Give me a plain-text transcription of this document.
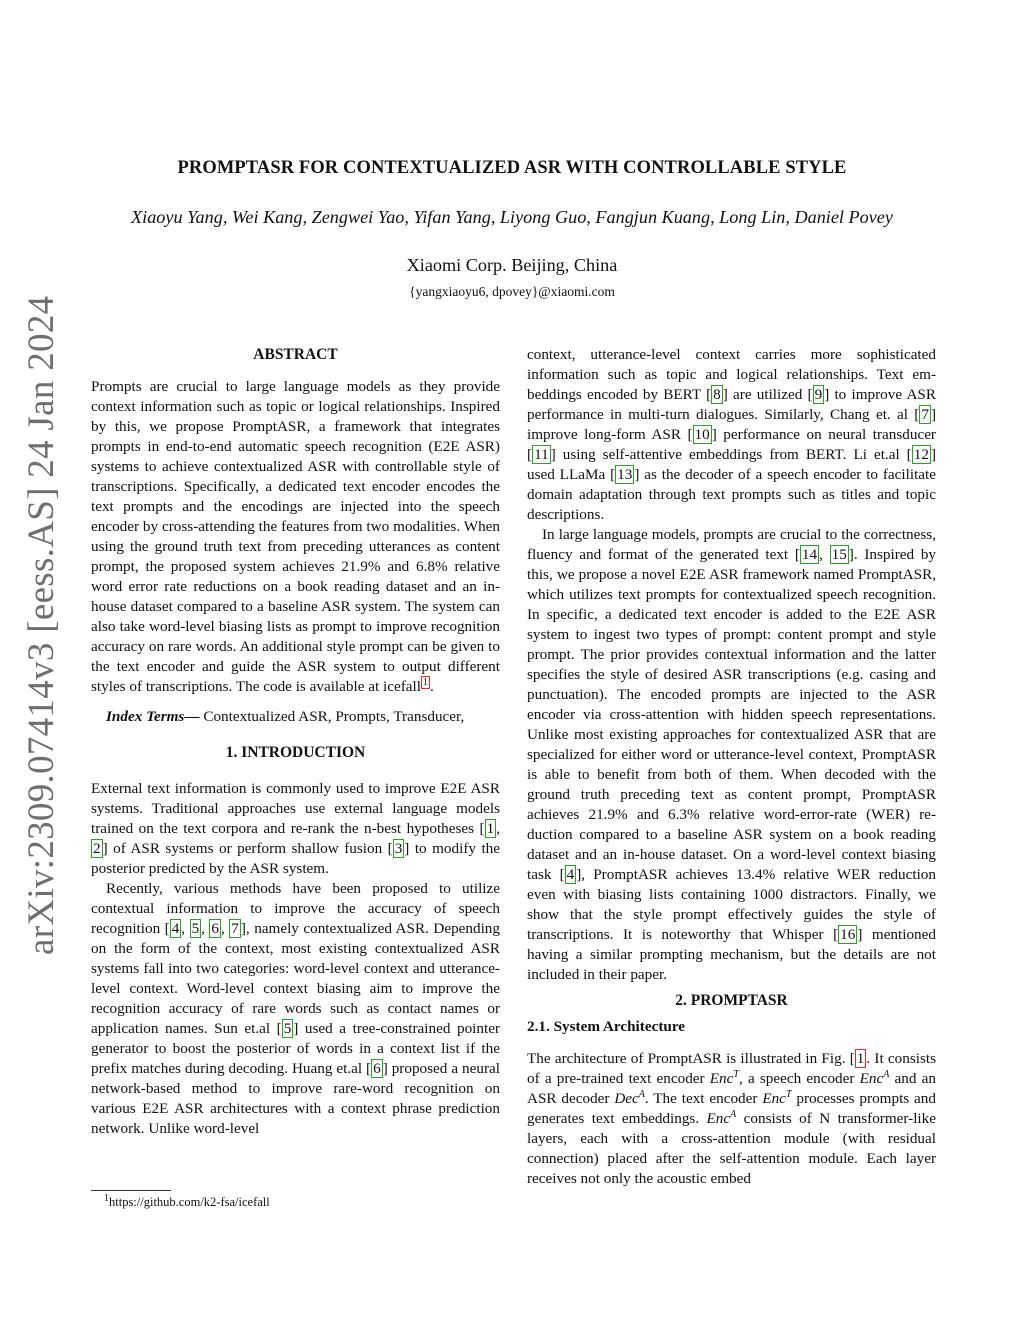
arXiv:2309.07414v3 [eess.AS] 24 Jan 2024
PROMPTASR FOR CONTEXTUALIZED ASR WITH CONTROLLABLE STYLE
Xiaoyu Yang, Wei Kang, Zengwei Yao, Yifan Yang, Liyong Guo, Fangjun Kuang, Long Lin, Daniel Povey
Xiaomi Corp. Beijing, China
{yangxiaoyu6, dpovey}@xiaomi.com

ABSTRACT

Prompts are crucial to large language models as they provide context information such as topic or logical relationships. Inspired by this, we propose PromptASR, a framework that integrates prompts in end-to-end automatic speech recognition (E2E ASR) systems to achieve contextualized ASR with controllable style of transcriptions. Specifically, a dedicated text encoder encodes the text prompts and the encodings are injected into the speech encoder by cross-attending the features from two modalities. When using the ground truth text from preceding utterances as content prompt, the proposed system achieves 21.9% and 6.8% relative word error rate reductions on a book reading dataset and an in-house dataset compared to a baseline ASR system. The system can also take word-level biasing lists as prompt to improve recognition accuracy on rare words. An additional style prompt can be given to the text encoder and guide the ASR system to output different styles of transcriptions. The code is available at icefall $^1$ .

Index Terms— Contextualized ASR, Prompts, Transducer,

1. INTRODUCTION

External text information is commonly used to improve E2E ASR systems. Traditional approaches use external language models trained on the text corpora and re-rank the n-best hypotheses [ 1 , 2 ] of ASR systems or perform shallow fusion [ 3 ] to modify the posterior predicted by the ASR system.

Recently, various methods have been proposed to utilize contextual information to improve the accuracy of speech recognition [ 4 , 5 , 6 , 7 ], namely contextualized ASR. Depending on the form of the context, most existing contextualized ASR systems fall into two categories: word-level context and utterance-level context. Word-level context biasing aim to improve the recognition accuracy of rare words such as contact names or application names. Sun et.al [ 5 ] used a tree-constrained pointer generator to boost the posterior of words in a context list if the prefix matches during decoding. Huang et.al [ 6 ] proposed a neural network-based method to improve rare-word recognition on various E2E ASR architectures with a context phrase prediction network. Unlike word-level

context, utterance-level context carries more sophisticated information such as topic and logical relationships. Text embeddings encoded by BERT [ 8 ] are utilized [ 9 ] to improve ASR performance in multi-turn dialogues. Similarly, Chang et. al [ 7 ] improve long-form ASR [ 10 ] performance on neural transducer [ 11 ] using self-attentive embeddings from BERT. Li et.al [ 12 ] used LLaMa [ 13 ] as the decoder of a speech encoder to facilitate domain adaptation through text prompts such as titles and topic descriptions.

In large language models, prompts are crucial to the correctness, fluency and format of the generated text [ 14 , 15 ]. Inspired by this, we propose a novel E2E ASR framework named PromptASR, which utilizes text prompts for contextualized speech recognition. In specific, a dedicated text encoder is added to the E2E ASR system to ingest two types of prompt: content prompt and style prompt. The prior provides contextual information and the latter specifies the style of desired ASR transcriptions (e.g. casing and punctuation). The encoded prompts are injected to the ASR encoder via cross-attention with hidden speech representations. Unlike most existing approaches for contextualized ASR that are specialized for either word or utterance-level context, PromptASR is able to benefit from both of them. When decoded with the ground truth preceding text as content prompt, PromptASR achieves 21.9% and 6.3% relative word-error-rate (WER) reduction compared to a baseline ASR system on a book reading dataset and an in-house dataset. On a word-level context biasing task [ 4 ], PromptASR achieves 13.4% relative WER reduction even with biasing lists containing 1000 distractors. Finally, we show that the style prompt effectively guides the style of transcriptions. It is noteworthy that Whisper [ 16 ] mentioned having a similar prompting mechanism, but the details are not included in their paper.

2. PROMPTASR

2.1. System Architecture

The architecture of PromptASR is illustrated in Fig. [ 1 . It consists of a pre-trained text encoder Enc$^T$, a speech encoder Enc$^A$ and an ASR decoder Dec$^A$. The text encoder Enc$^T$ processes prompts and generates text embeddings. Enc$^A$ consists of N transformer-like layers, each with a cross-attention module (with residual connection) placed after the self-attention module. Each layer receives not only the acoustic embed

$^1$https://github.com/k2-fsa/icefall
